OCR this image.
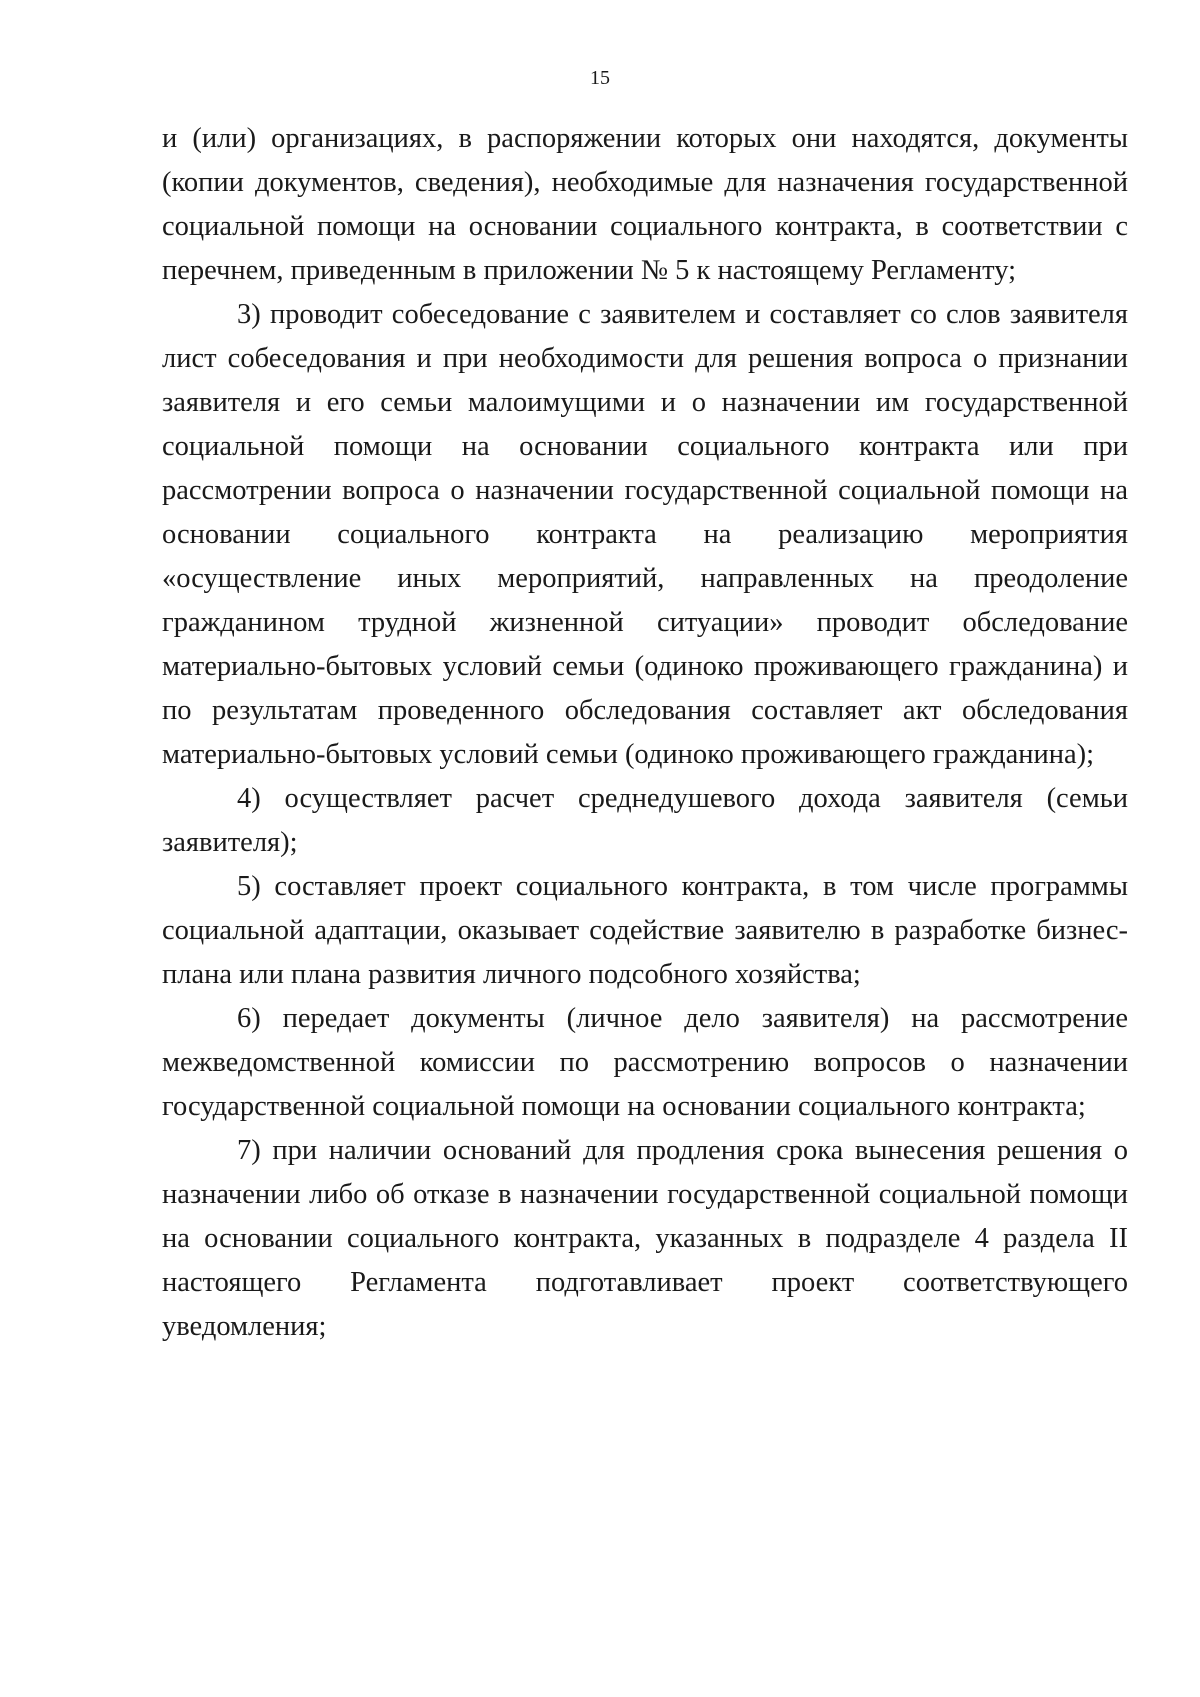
15

и (или) организациях, в распоряжении которых они находятся, документы (копии документов, сведения), необходимые для назначения государственной социальной помощи на основании социального контракта, в соответствии с перечнем, приведенным в приложении № 5 к настоящему Регламенту;

3) проводит собеседование с заявителем и составляет со слов заявителя лист собеседования и при необходимости для решения вопроса о признании заявителя и его семьи малоимущими и о назначении им государственной социальной помощи на основании социального контракта или при рассмотрении вопроса о назначении государственной социальной помощи на основании социального контракта на реализацию мероприятия «осуществление иных мероприятий, направленных на преодоление гражданином трудной жизненной ситуации» проводит обследование материально-бытовых условий семьи (одиноко проживающего гражданина) и по результатам проведенного обследования составляет акт обследования материально-бытовых условий семьи (одиноко проживающего гражданина);

4) осуществляет расчет среднедушевого дохода заявителя (семьи заявителя);

5) составляет проект социального контракта, в том числе программы социальной адаптации, оказывает содействие заявителю в разработке бизнес-плана или плана развития личного подсобного хозяйства;

6) передает документы (личное дело заявителя) на рассмотрение межведомственной комиссии по рассмотрению вопросов о назначении государственной социальной помощи на основании социального контракта;

7) при наличии оснований для продления срока вынесения решения о назначении либо об отказе в назначении государственной социальной помощи на основании социального контракта, указанных в подразделе 4 раздела II настоящего Регламента подготавливает проект соответствующего уведомления;
